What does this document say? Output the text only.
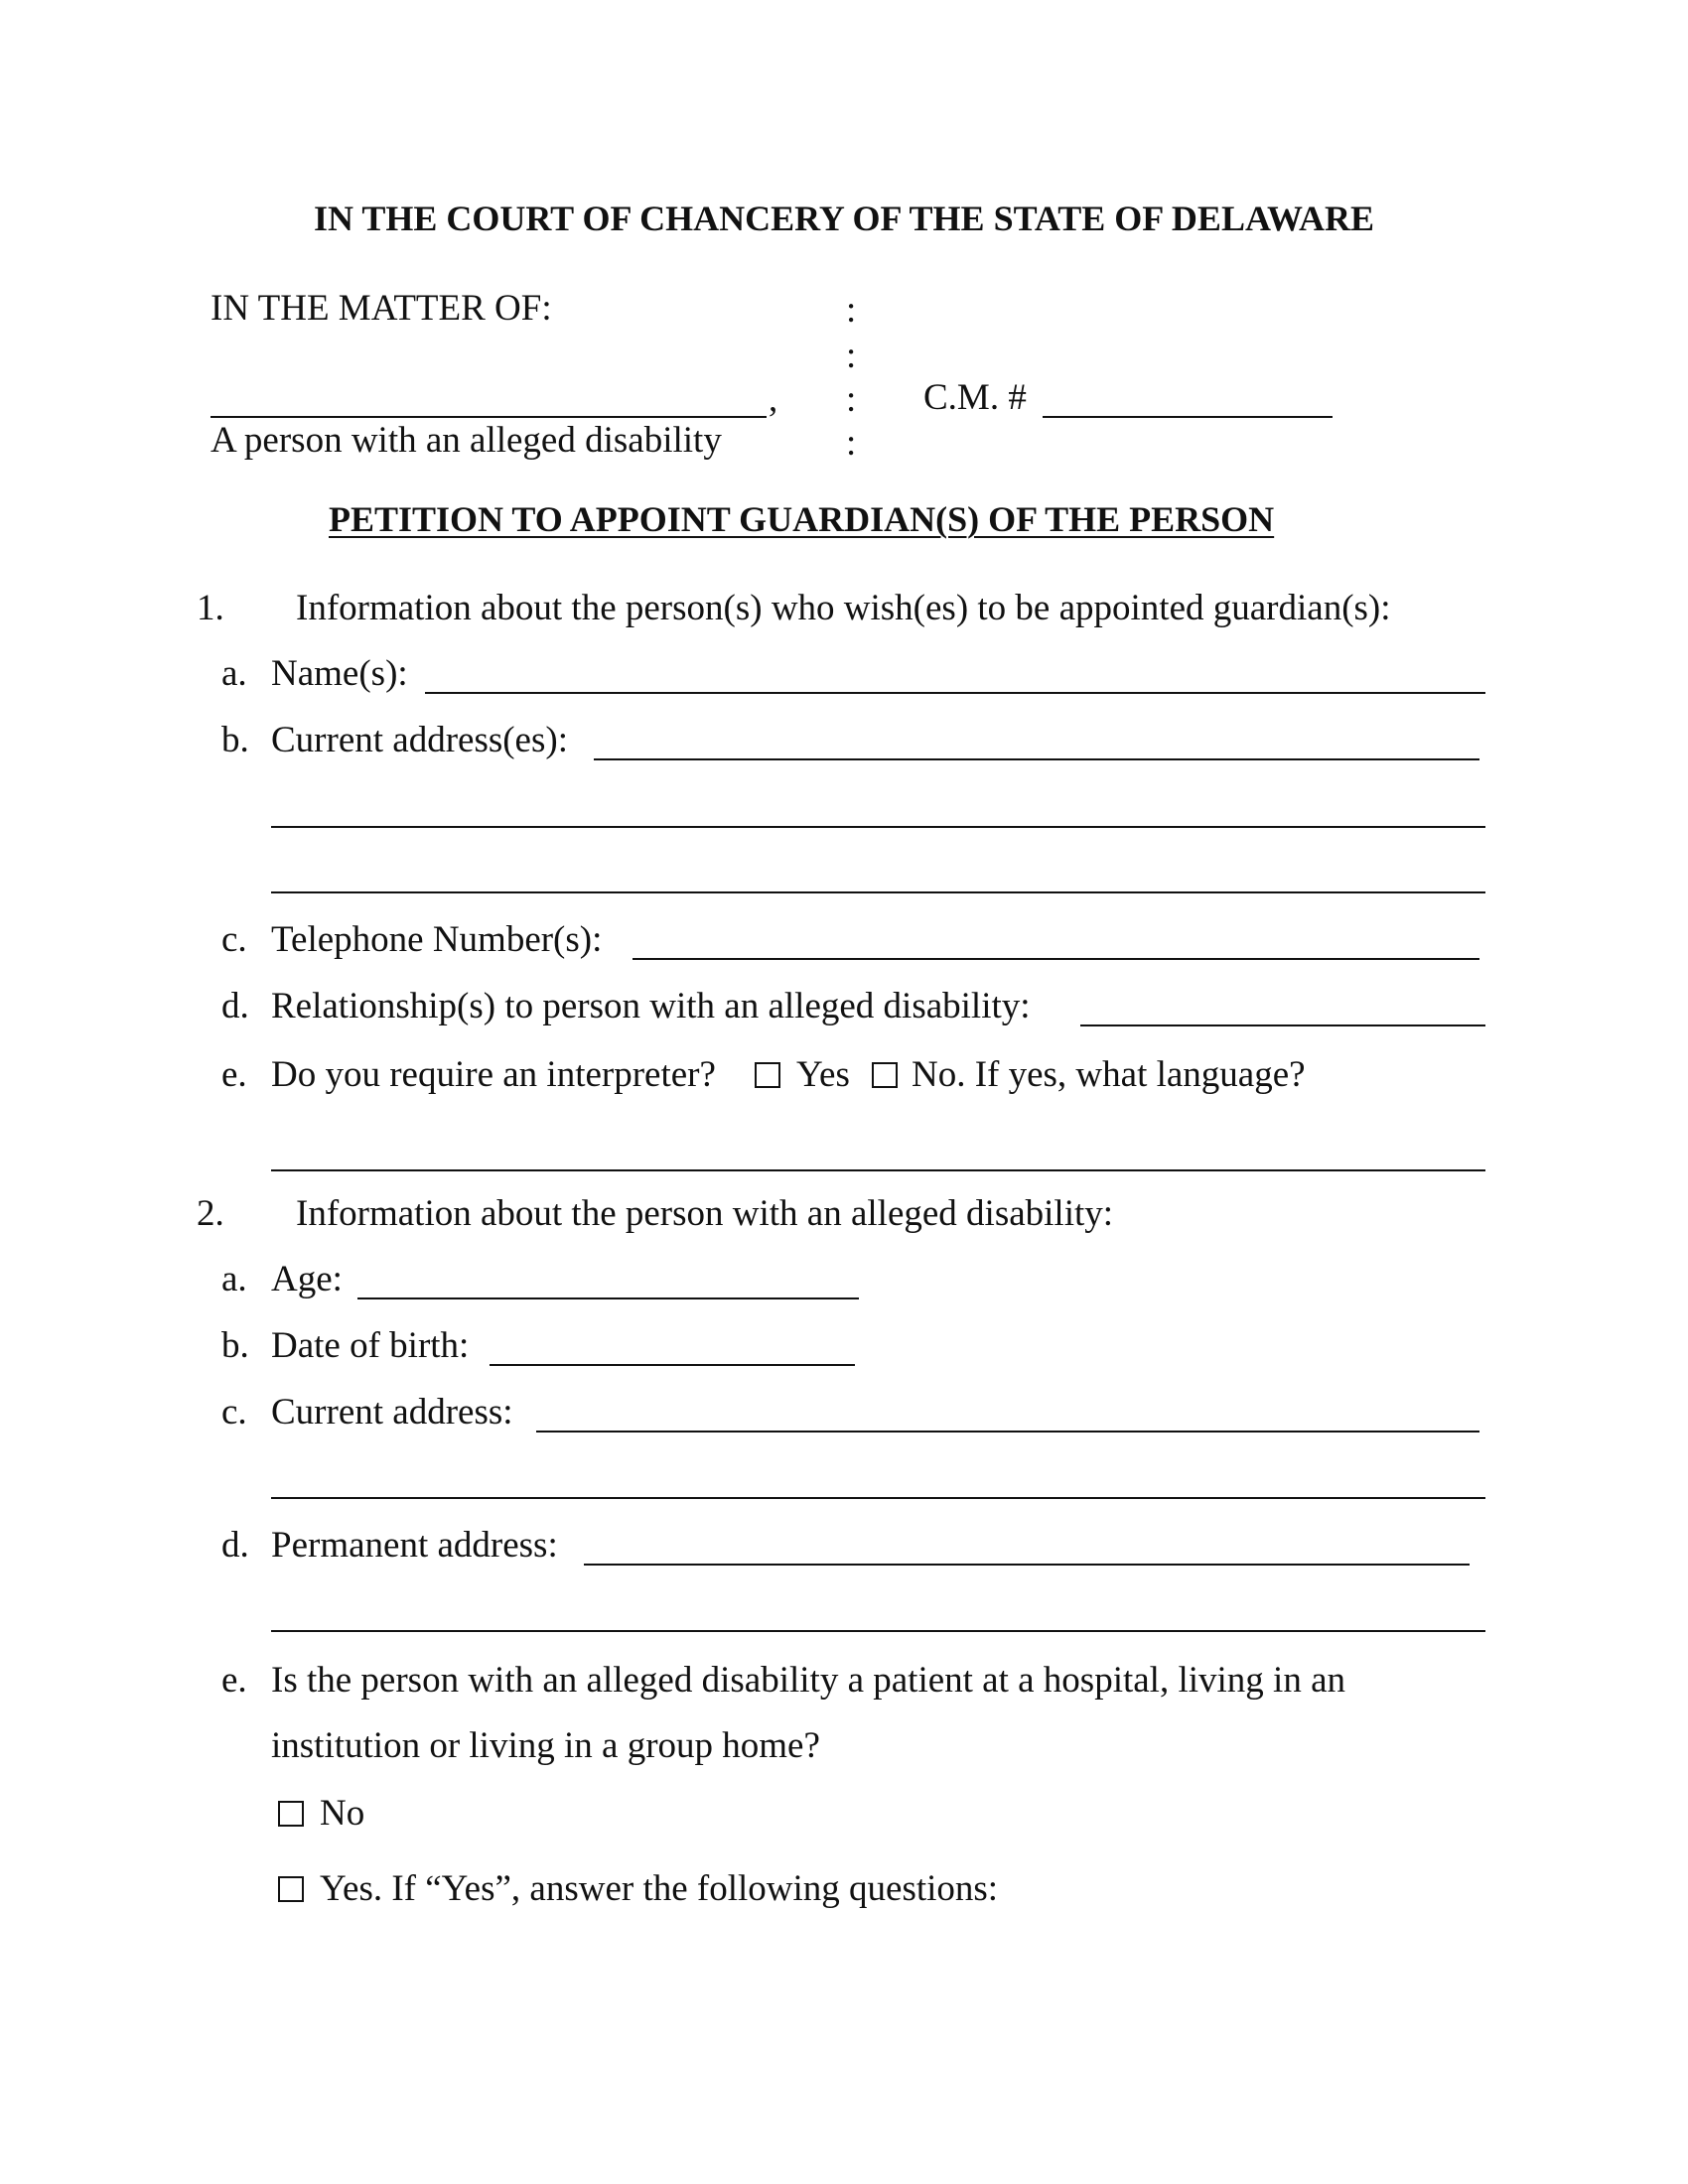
IN THE COURT OF CHANCERY OF THE STATE OF DELAWARE
IN THE MATTER OF:
,
A person with an alleged disability
:
:
:
:
C.M. #
PETITION TO APPOINT GUARDIAN(S) OF THE PERSON
1. Information about the person(s) who wish(es) to be appointed guardian(s):
a. Name(s):
b. Current address(es):
c. Telephone Number(s):
d. Relationship(s) to person with an alleged disability:
e. Do you require an interpreter? Yes No. If yes, what language?
2. Information about the person with an alleged disability:
a. Age:
b. Date of birth:
c. Current address:
d. Permanent address:
e. Is the person with an alleged disability a patient at a hospital, living in an
institution or living in a group home?
No
Yes. If “Yes”, answer the following questions:
